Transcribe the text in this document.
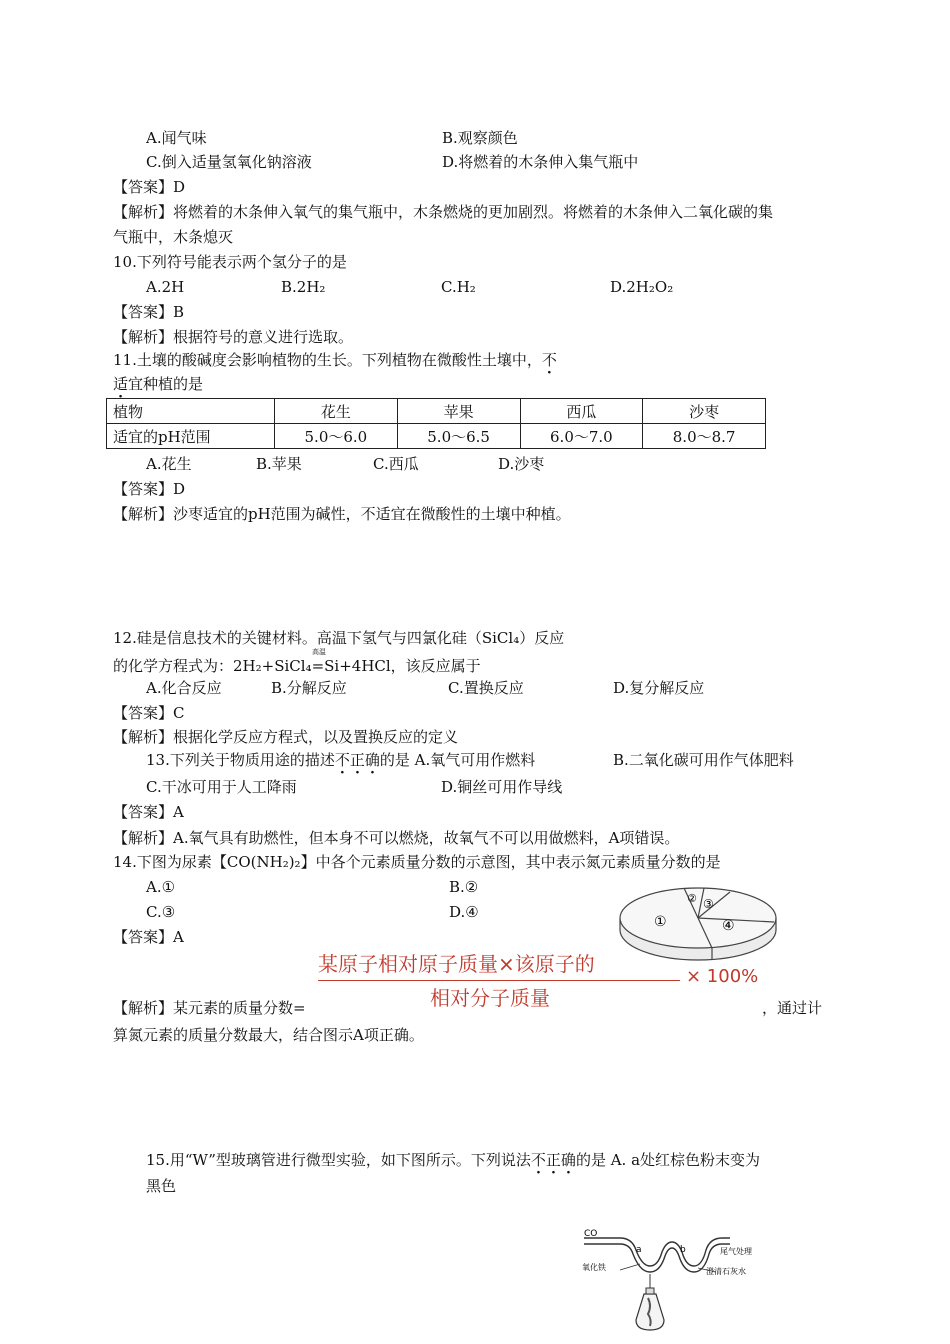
A.闻气味	B.观察颜色
C.倒入适量氢氧化钠溶液	D.将燃着的木条伸入集气瓶中
【答案】D
【解析】将燃着的木条伸入氧气的集气瓶中，木条燃烧的更加剧烈。将燃着的木条伸入二氧化碳的集
气瓶中，木条熄灭
10.下列符号能表示两个氢分子的是
A.2H	B.2H₂	C.H₂	D.2H₂O₂
【答案】B
【解析】根据符号的意义进行选取。
11.土壤的酸碱度会影响植物的生长。下列植物在微酸性土壤中，不
适宜种植的是
植物	花生	苹果	西瓜	沙枣
适宜的pH范围	5.0～6.0	5.0～6.5	6.0～7.0	8.0～8.7
A.花生	B.苹果	C.西瓜	D.沙枣
【答案】D
【解析】沙枣适宜的pH范围为碱性，不适宜在微酸性的土壤中种植。
12.硅是信息技术的关键材料。高温下氢气与四氯化硅（SiCl₄）反应
高温
的化学方程式为：2H₂+SiCl₄=Si+4HCl，该反应属于
A.化合反应	B.分解反应	C.置换反应	D.复分解反应
【答案】C
【解析】根据化学反应方程式，以及置换反应的定义
13.下列关于物质用途的描述不正确的是 A.氧气可用作燃料	B.二氧化碳可用作气体肥料
C.干冰可用于人工降雨	D.铜丝可用作导线
【答案】A
【解析】A.氧气具有助燃性，但本身不可以燃烧，故氧气不可以用做燃料，A项错误。
14.下图为尿素【CO(NH₂)₂】中各个元素质量分数的示意图，其中表示氮元素质量分数的是
A.①	B.②
C.③	D.④
【答案】A
①
② ③
④
某原子相对原子质量×该原子的
相对分子质量
× 100%
【解析】某元素的质量分数=	，通过计
算氮元素的质量分数最大，结合图示A项正确。
15.用“W”型玻璃管进行微型实验，如下图所示。下列说法不正确的是 A. a处红棕色粉末变为
黑色
CO
a	b	尾气处理
氧化铁	澄清石灰水
